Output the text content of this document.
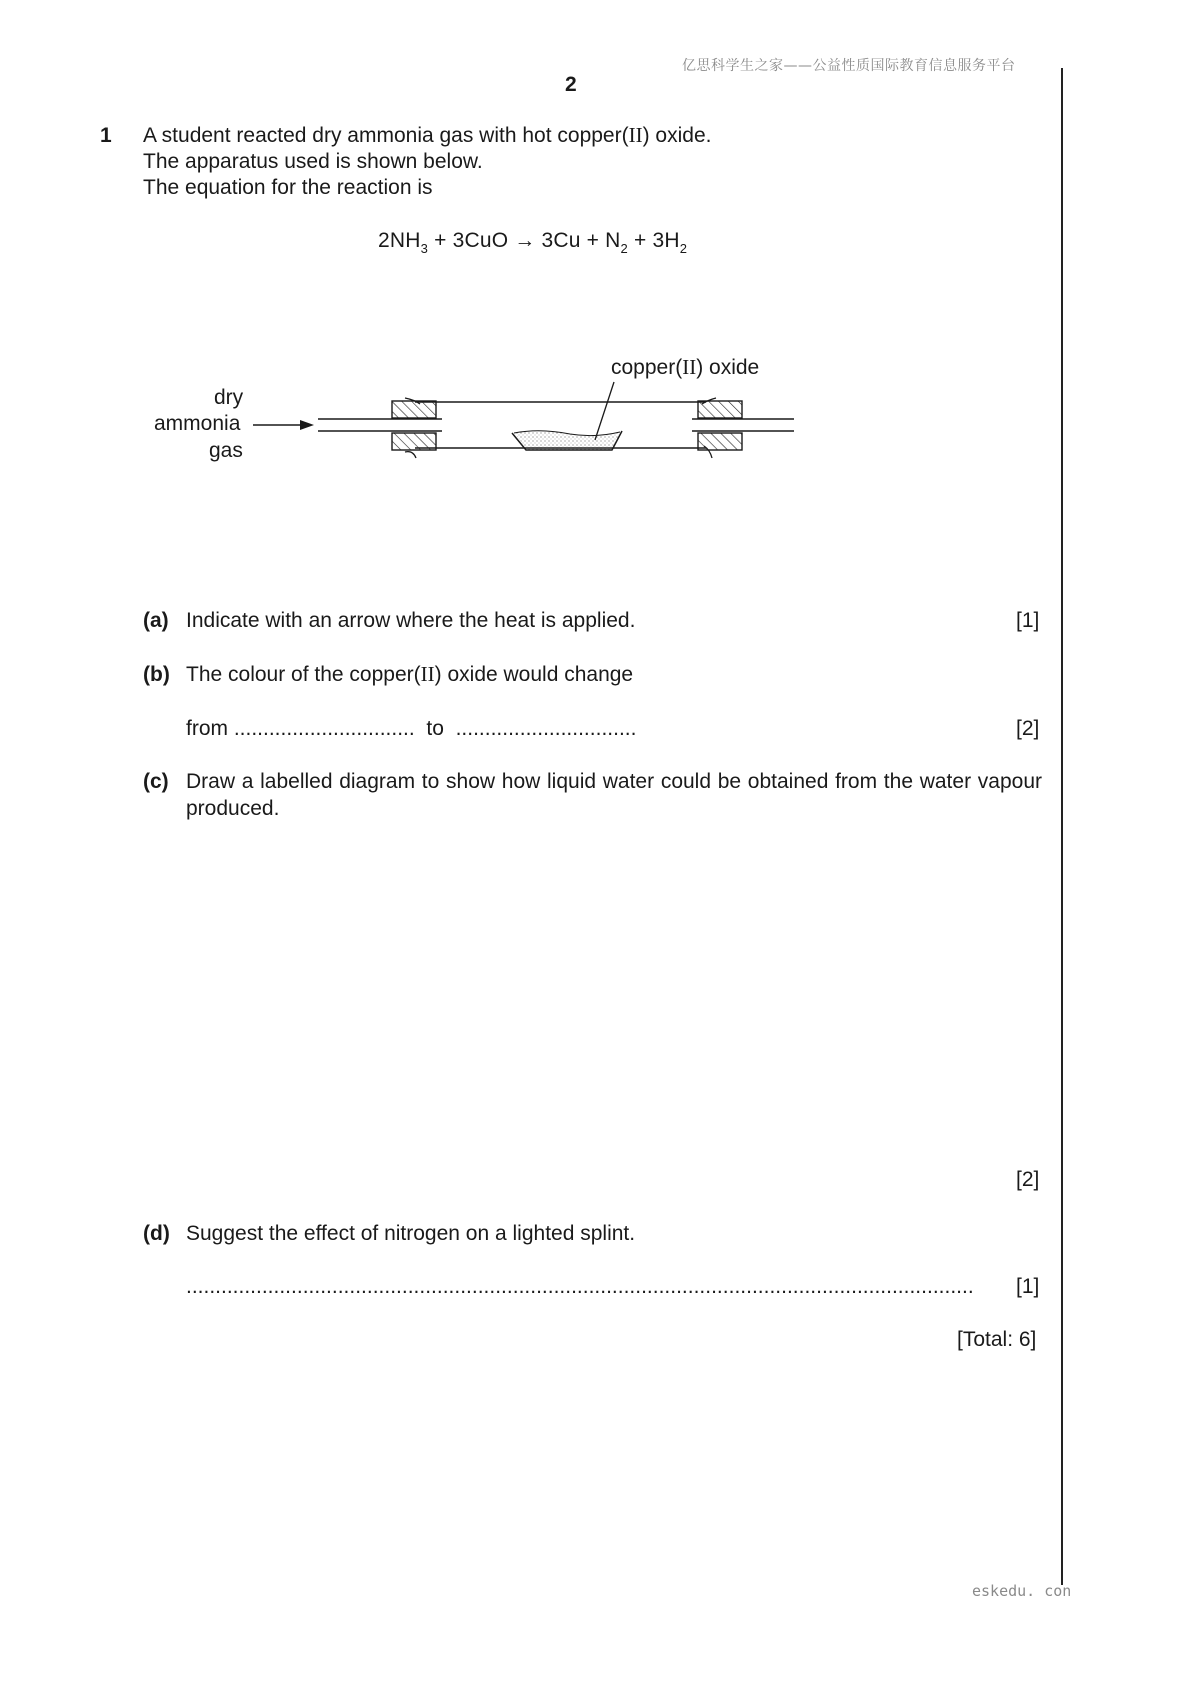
亿思科学生之家——公益性质国际教育信息服务平台
2
1 A student reacted dry ammonia gas with hot copper(II) oxide.
The apparatus used is shown below.
The equation for the reaction is
$2NH_3 + 3CuO \to 3Cu + N_2 + 3H_2$
copper(II) oxide
dry
ammonia
gas
(a) Indicate with an arrow where the heat is applied.	[1]
(b) The colour of the copper(II) oxide would change
from ............................... to ...............................	[2]
(c) Draw a labelled diagram to show how liquid water could be obtained from the water vapour produced.
[2]
(d) Suggest the effect of nitrogen on a lighted splint.
.......................................................................................................................................	[1]
[Total: 6]
eskedu. con
